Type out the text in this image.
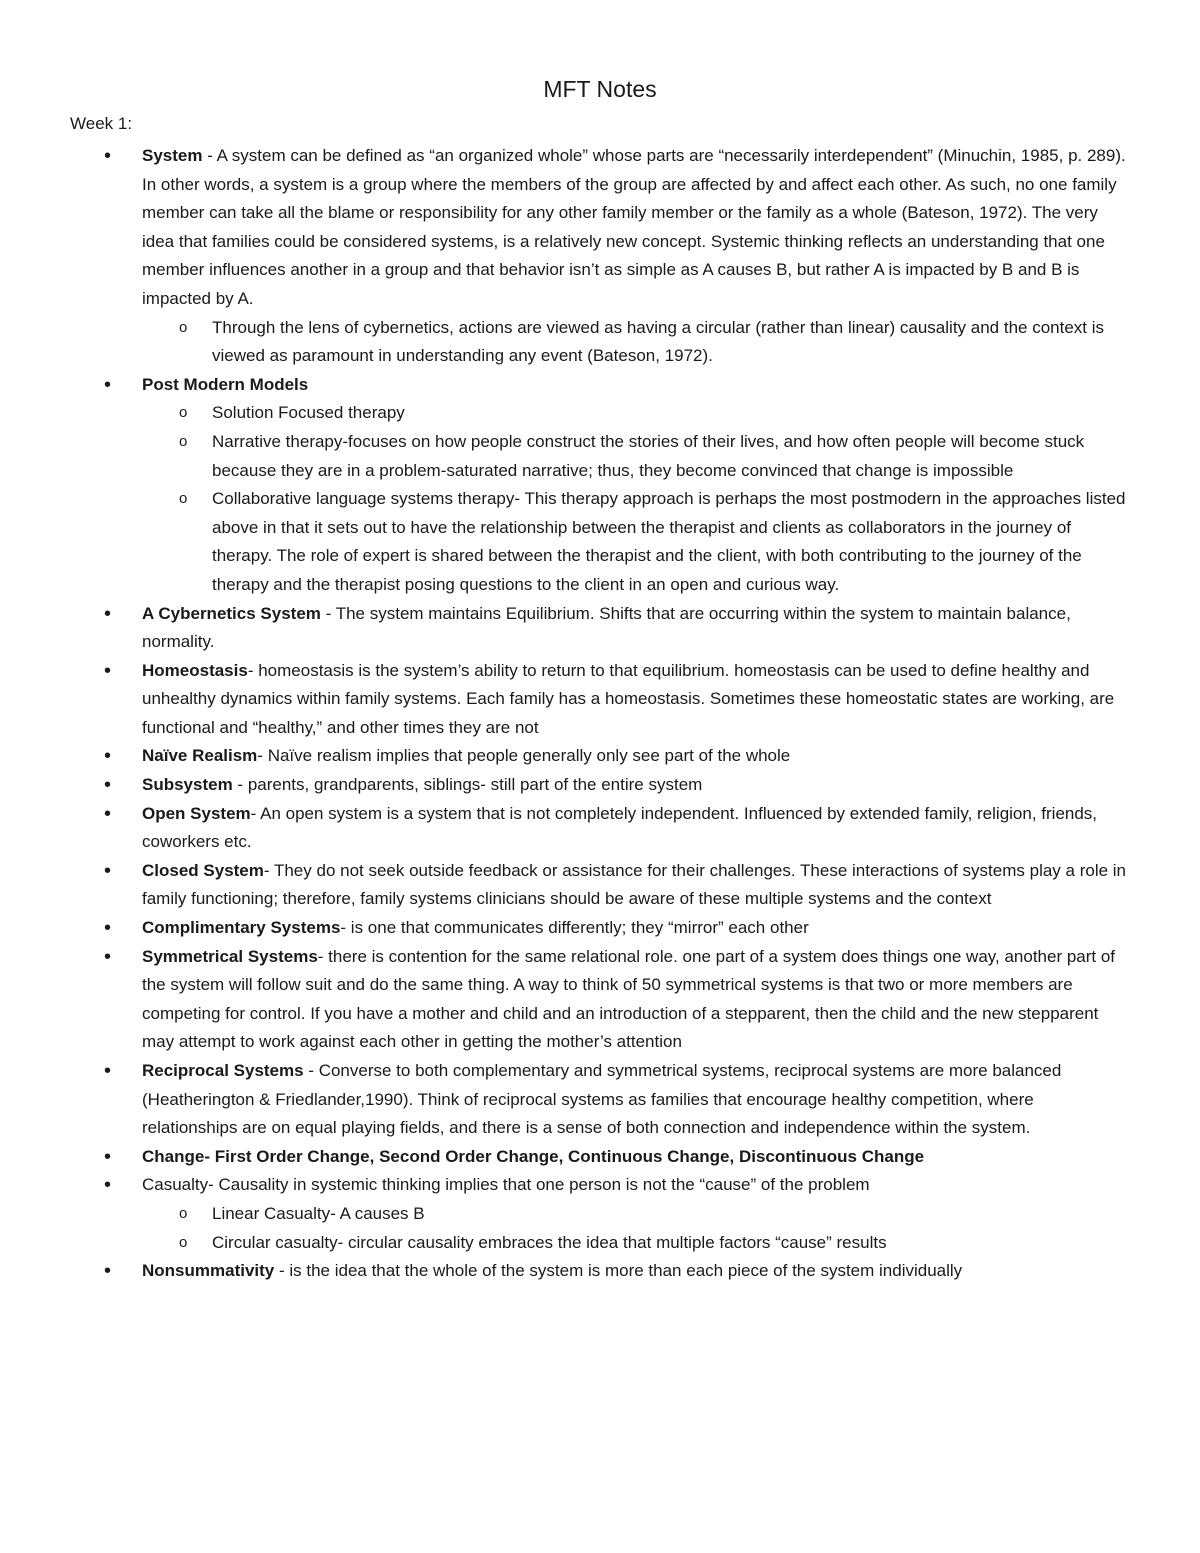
MFT Notes
Week 1:
• System - A system can be defined as “an organized whole” whose parts are “necessarily interdependent” (Minuchin, 1985, p. 289). In other words, a system is a group where the members of the group are affected by and affect each other. As such, no one family member can take all the blame or responsibility for any other family member or the family as a whole (Bateson, 1972). The very idea that families could be considered systems, is a relatively new concept. Systemic thinking reflects an understanding that one member influences another in a group and that behavior isn’t as simple as A causes B, but rather A is impacted by B and B is impacted by A.
o Through the lens of cybernetics, actions are viewed as having a circular (rather than linear) causality and the context is viewed as paramount in understanding any event (Bateson, 1972).
• Post Modern Models
o Solution Focused therapy
o Narrative therapy-focuses on how people construct the stories of their lives, and how often people will become stuck because they are in a problem-saturated narrative; thus, they become convinced that change is impossible
o Collaborative language systems therapy- This therapy approach is perhaps the most postmodern in the approaches listed above in that it sets out to have the relationship between the therapist and clients as collaborators in the journey of therapy. The role of expert is shared between the therapist and the client, with both contributing to the journey of the therapy and the therapist posing questions to the client in an open and curious way.
• A Cybernetics System - The system maintains Equilibrium. Shifts that are occurring within the system to maintain balance, normality.
• Homeostasis- homeostasis is the system’s ability to return to that equilibrium. homeostasis can be used to define healthy and unhealthy dynamics within family systems. Each family has a homeostasis. Sometimes these homeostatic states are working, are functional and “healthy,” and other times they are not
• Naïve Realism- Naïve realism implies that people generally only see part of the whole
• Subsystem - parents, grandparents, siblings- still part of the entire system
• Open System- An open system is a system that is not completely independent. Influenced by extended family, religion, friends, coworkers etc.
• Closed System- They do not seek outside feedback or assistance for their challenges. These interactions of systems play a role in family functioning; therefore, family systems clinicians should be aware of these multiple systems and the context
• Complimentary Systems- is one that communicates differently; they “mirror” each other
• Symmetrical Systems- there is contention for the same relational role. one part of a system does things one way, another part of the system will follow suit and do the same thing. A way to think of 50 symmetrical systems is that two or more members are competing for control. If you have a mother and child and an introduction of a stepparent, then the child and the new stepparent may attempt to work against each other in getting the mother’s attention
• Reciprocal Systems - Converse to both complementary and symmetrical systems, reciprocal systems are more balanced (Heatherington & Friedlander,1990). Think of reciprocal systems as families that encourage healthy competition, where relationships are on equal playing fields, and there is a sense of both connection and independence within the system.
• Change- First Order Change, Second Order Change, Continuous Change, Discontinuous Change
• Casualty- Causality in systemic thinking implies that one person is not the “cause” of the problem
o Linear Casualty- A causes B
o Circular casualty- circular causality embraces the idea that multiple factors “cause” results
• Nonsummativity - is the idea that the whole of the system is more than each piece of the system individually
